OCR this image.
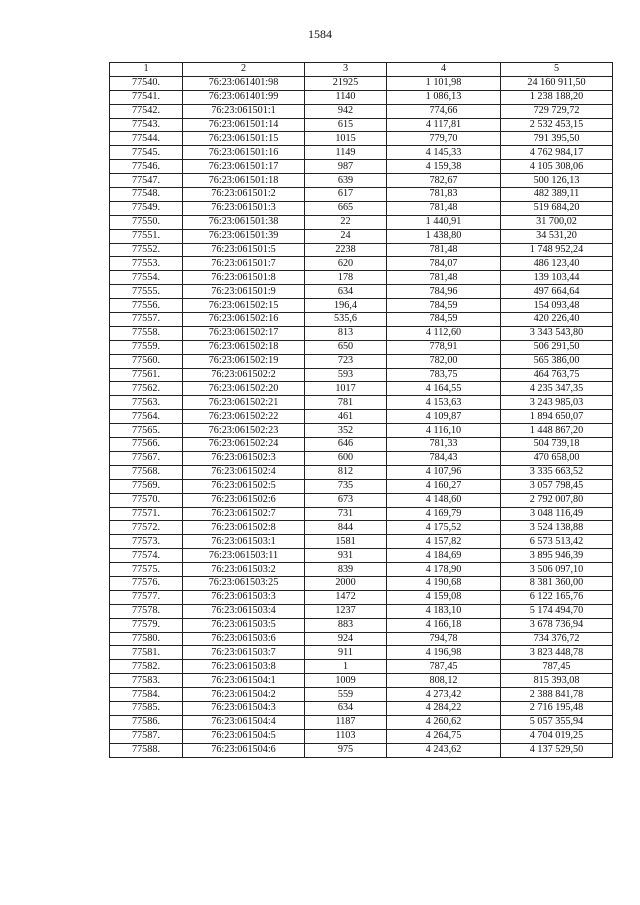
1584
1	2	3	4	5
77540.	76:23:061401:98	21925	1 101,98	24 160 911,50
77541.	76:23:061401:99	1140	1 086,13	1 238 188,20
77542.	76:23:061501:1	942	774,66	729 729,72
77543.	76:23:061501:14	615	4 117,81	2 532 453,15
77544.	76:23:061501:15	1015	779,70	791 395,50
77545.	76:23:061501:16	1149	4 145,33	4 762 984,17
77546.	76:23:061501:17	987	4 159,38	4 105 308,06
77547.	76:23:061501:18	639	782,67	500 126,13
77548.	76:23:061501:2	617	781,83	482 389,11
77549.	76:23:061501:3	665	781,48	519 684,20
77550.	76:23:061501:38	22	1 440,91	31 700,02
77551.	76:23:061501:39	24	1 438,80	34 531,20
77552.	76:23:061501:5	2238	781,48	1 748 952,24
77553.	76:23:061501:7	620	784,07	486 123,40
77554.	76:23:061501:8	178	781,48	139 103,44
77555.	76:23:061501:9	634	784,96	497 664,64
77556.	76:23:061502:15	196,4	784,59	154 093,48
77557.	76:23:061502:16	535,6	784,59	420 226,40
77558.	76:23:061502:17	813	4 112,60	3 343 543,80
77559.	76:23:061502:18	650	778,91	506 291,50
77560.	76:23:061502:19	723	782,00	565 386,00
77561.	76:23:061502:2	593	783,75	464 763,75
77562.	76:23:061502:20	1017	4 164,55	4 235 347,35
77563.	76:23:061502:21	781	4 153,63	3 243 985,03
77564.	76:23:061502:22	461	4 109,87	1 894 650,07
77565.	76:23:061502:23	352	4 116,10	1 448 867,20
77566.	76:23:061502:24	646	781,33	504 739,18
77567.	76:23:061502:3	600	784,43	470 658,00
77568.	76:23:061502:4	812	4 107,96	3 335 663,52
77569.	76:23:061502:5	735	4 160,27	3 057 798,45
77570.	76:23:061502:6	673	4 148,60	2 792 007,80
77571.	76:23:061502:7	731	4 169,79	3 048 116,49
77572.	76:23:061502:8	844	4 175,52	3 524 138,88
77573.	76:23:061503:1	1581	4 157,82	6 573 513,42
77574.	76:23:061503:11	931	4 184,69	3 895 946,39
77575.	76:23:061503:2	839	4 178,90	3 506 097,10
77576.	76:23:061503:25	2000	4 190,68	8 381 360,00
77577.	76:23:061503:3	1472	4 159,08	6 122 165,76
77578.	76:23:061503:4	1237	4 183,10	5 174 494,70
77579.	76:23:061503:5	883	4 166,18	3 678 736,94
77580.	76:23:061503:6	924	794,78	734 376,72
77581.	76:23:061503:7	911	4 196,98	3 823 448,78
77582.	76:23:061503:8	1	787,45	787,45
77583.	76:23:061504:1	1009	808,12	815 393,08
77584.	76:23:061504:2	559	4 273,42	2 388 841,78
77585.	76:23:061504:3	634	4 284,22	2 716 195,48
77586.	76:23:061504:4	1187	4 260,62	5 057 355,94
77587.	76:23:061504:5	1103	4 264,75	4 704 019,25
77588.	76:23:061504:6	975	4 243,62	4 137 529,50
